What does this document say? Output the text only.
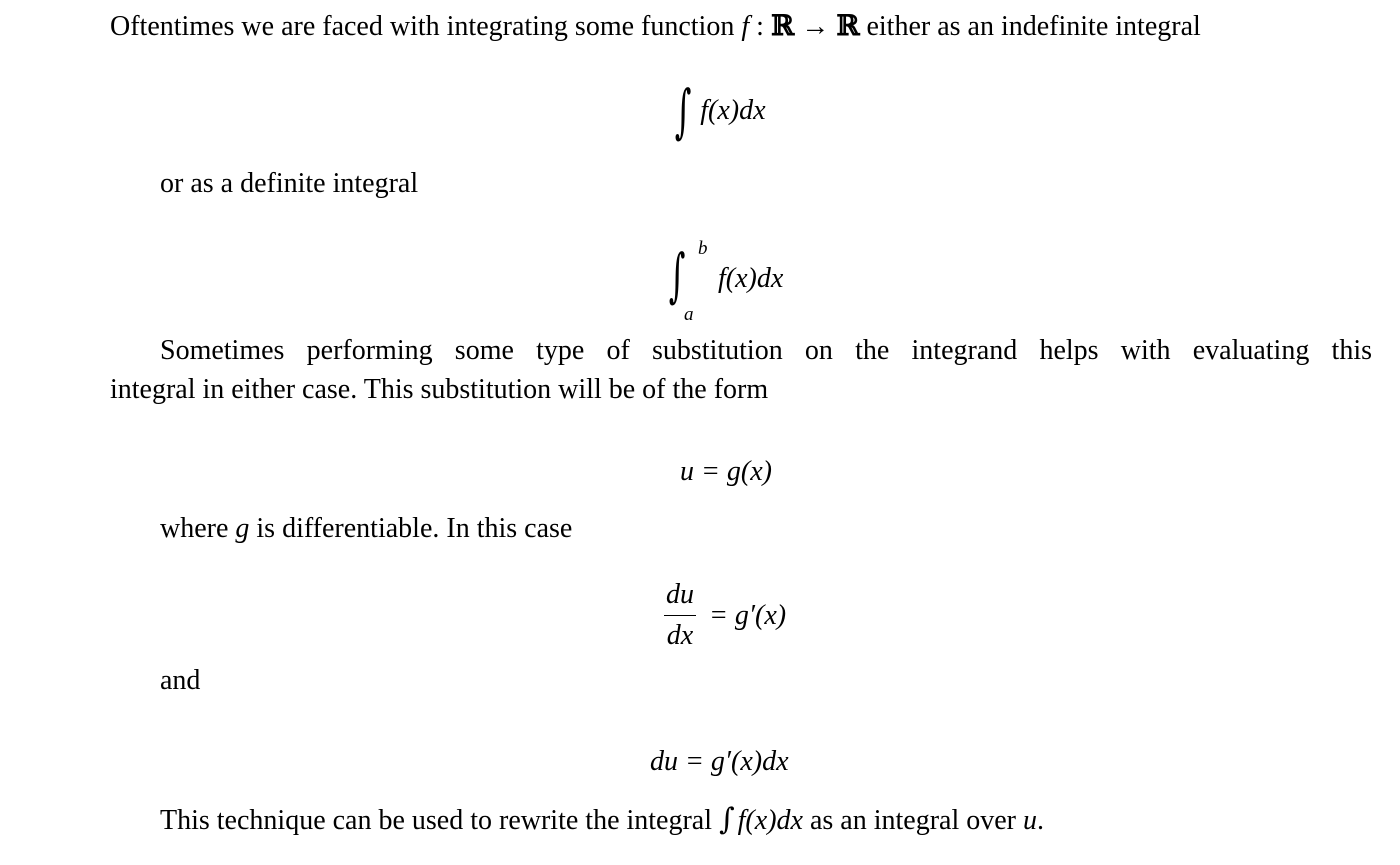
Oftentimes we are faced with integrating some function f : ℝ → ℝ either as an indefinite integral
∫ f(x)dx
or as a definite integral
∫ b
a
f(x)dx
Sometimes performing some type of substitution on the integrand helps with evaluating this
integral in either case. This substitution will be of the form
u = g(x)
where g is differentiable. In this case
$\frac{du}{dx} = g'(x)$
and
du = g′(x)dx
This technique can be used to rewrite the integral ∫ f(x)dx as an integral over u.
